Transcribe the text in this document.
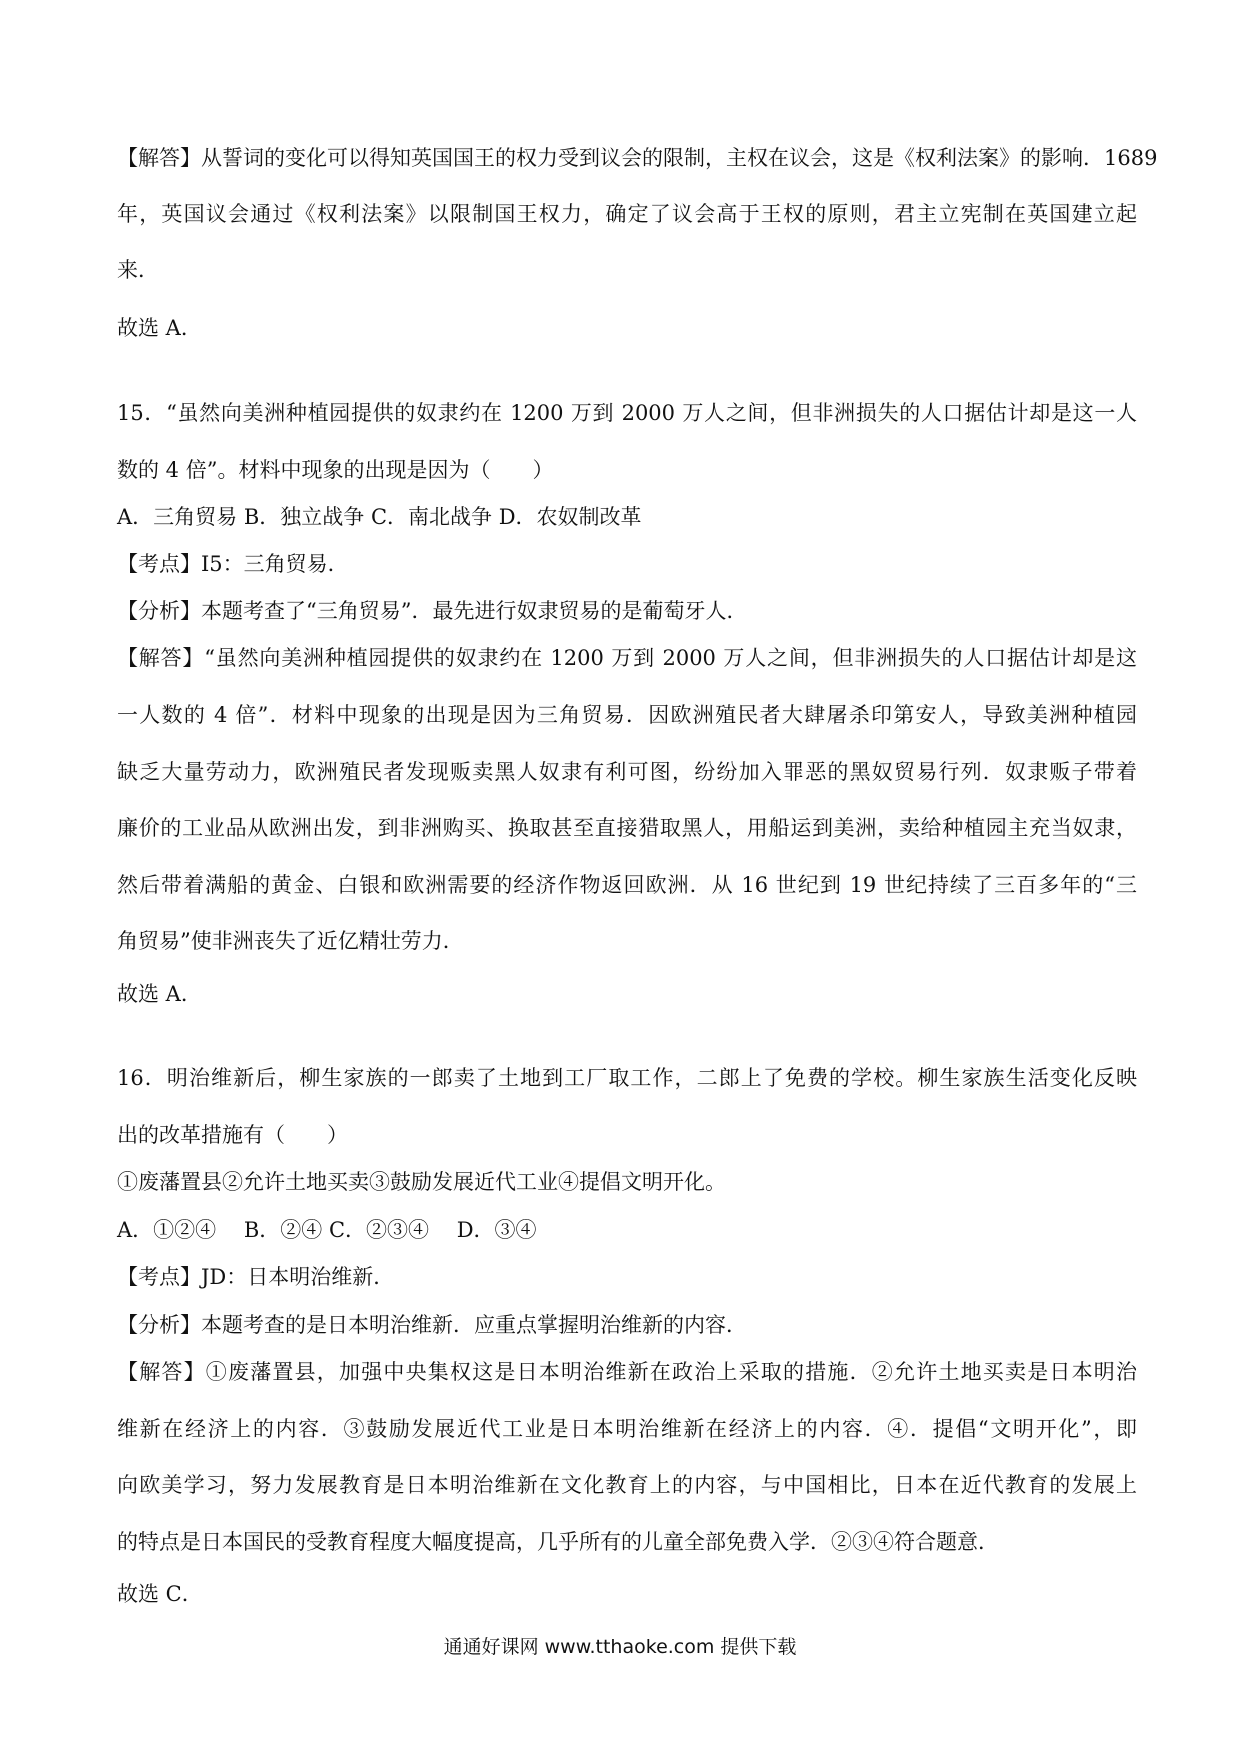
【解答】从誓词的变化可以得知英国国王的权力受到议会的限制，主权在议会，这是《权利法案》的影响．1689
年，英国议会通过《权利法案》以限制国王权力，确定了议会高于王权的原则，君主立宪制在英国建立起
来．
故选 A．
15．“虽然向美洲种植园提供的奴隶约在 1200 万到 2000 万人之间，但非洲损失的人口据估计却是这一人
数的 4 倍”。材料中现象的出现是因为（　　）
A．三角贸易 B．独立战争 C．南北战争 D．农奴制改革
【考点】I5：三角贸易．
【分析】本题考查了“三角贸易”．最先进行奴隶贸易的是葡萄牙人．
【解答】“虽然向美洲种植园提供的奴隶约在 1200 万到 2000 万人之间，但非洲损失的人口据估计却是这
一人数的 4 倍”．材料中现象的出现是因为三角贸易．因欧洲殖民者大肆屠杀印第安人，导致美洲种植园
缺乏大量劳动力，欧洲殖民者发现贩卖黑人奴隶有利可图，纷纷加入罪恶的黑奴贸易行列．奴隶贩子带着
廉价的工业品从欧洲出发，到非洲购买、换取甚至直接猎取黑人，用船运到美洲，卖给种植园主充当奴隶，
然后带着满船的黄金、白银和欧洲需要的经济作物返回欧洲．从 16 世纪到 19 世纪持续了三百多年的“三
角贸易”使非洲丧失了近亿精壮劳力．
故选 A．
16．明治维新后，柳生家族的一郎卖了土地到工厂取工作，二郎上了免费的学校。柳生家族生活变化反映
出的改革措施有（　　）
①废藩置县②允许土地买卖③鼓励发展近代工业④提倡文明开化。
A．①②④　 B．②④ C．②③④　 D．③④
【考点】JD：日本明治维新．
【分析】本题考查的是日本明治维新．应重点掌握明治维新的内容．
【解答】①废藩置县，加强中央集权这是日本明治维新在政治上采取的措施．②允许土地买卖是日本明治
维新在经济上的内容．③鼓励发展近代工业是日本明治维新在经济上的内容．④．提倡“文明开化”，即
向欧美学习，努力发展教育是日本明治维新在文化教育上的内容，与中国相比，日本在近代教育的发展上
的特点是日本国民的受教育程度大幅度提高，几乎所有的儿童全部免费入学．②③④符合题意．
故选 C．
通通好课网 www.tthaoke.com 提供下载
